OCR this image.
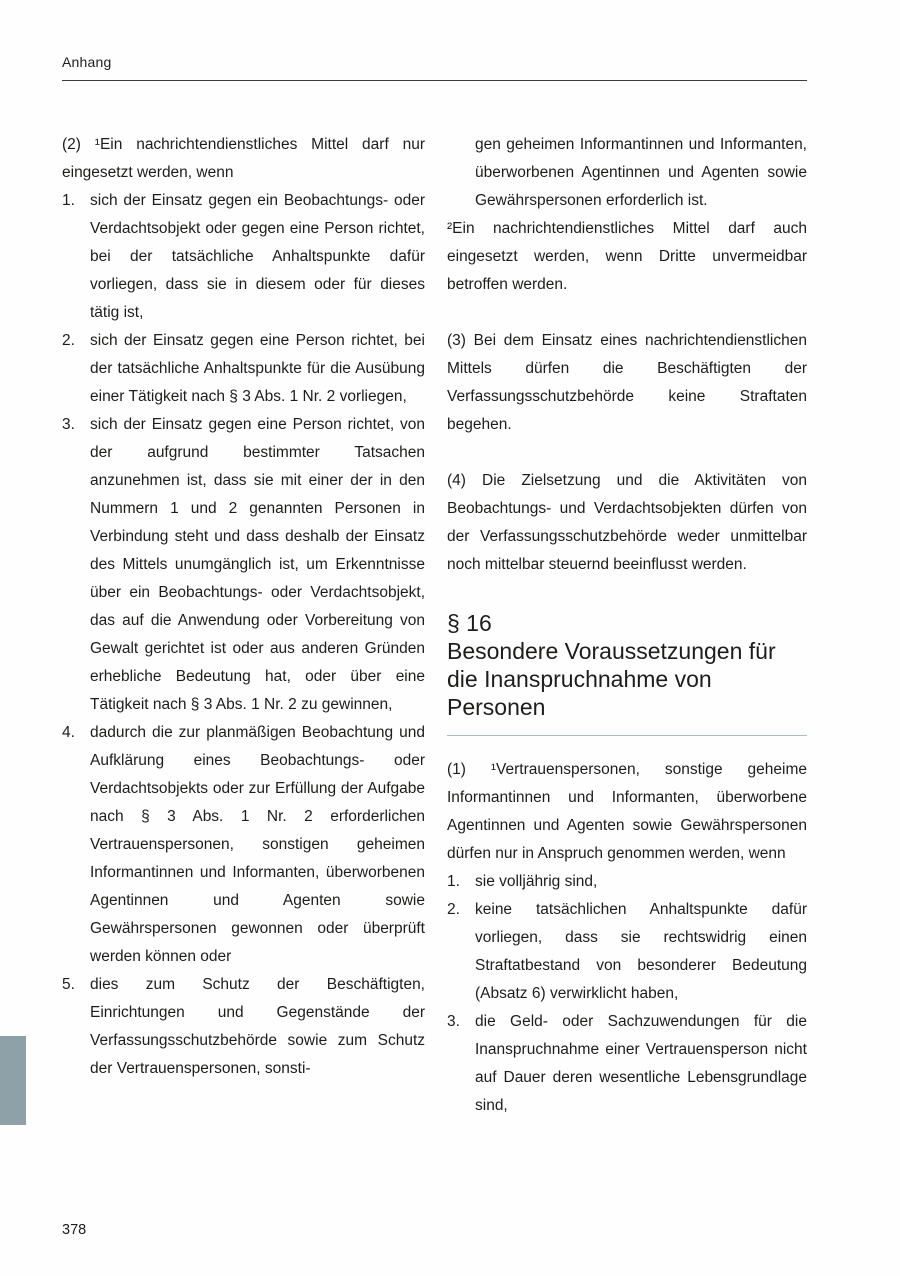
Anhang

(2) ¹Ein nachrichtendienstliches Mittel darf nur eingesetzt werden, wenn

1. sich der Einsatz gegen ein Beobachtungs- oder Verdachtsobjekt oder gegen eine Person richtet, bei der tatsächliche Anhaltspunkte dafür vorliegen, dass sie in diesem oder für dieses tätig ist,
2. sich der Einsatz gegen eine Person richtet, bei der tatsächliche Anhaltspunkte für die Ausübung einer Tätigkeit nach § 3 Abs. 1 Nr. 2 vorliegen,
3. sich der Einsatz gegen eine Person richtet, von der aufgrund bestimmter Tatsachen anzunehmen ist, dass sie mit einer der in den Nummern 1 und 2 genannten Personen in Verbindung steht und dass deshalb der Einsatz des Mittels unumgänglich ist, um Erkenntnisse über ein Beobachtungs- oder Verdachtsobjekt, das auf die Anwendung oder Vorbereitung von Gewalt gerichtet ist oder aus anderen Gründen erhebliche Bedeutung hat, oder über eine Tätigkeit nach § 3 Abs. 1 Nr. 2 zu gewinnen,
4. dadurch die zur planmäßigen Beobachtung und Aufklärung eines Beobachtungs- oder Verdachtsobjekts oder zur Erfüllung der Aufgabe nach § 3 Abs. 1 Nr. 2 erforderlichen Vertrauenspersonen, sonstigen geheimen Informantinnen und Informanten, überworbenen Agentinnen und Agenten sowie Gewährspersonen gewonnen oder überprüft werden können oder
5. dies zum Schutz der Beschäftigten, Einrichtungen und Gegenstände der Verfassungsschutzbehörde sowie zum Schutz der Vertrauenspersonen, sonsti-
gen geheimen Informantinnen und Informanten, überworbenen Agentinnen und Agenten sowie Gewährspersonen erforderlich ist.

²Ein nachrichtendienstliches Mittel darf auch eingesetzt werden, wenn Dritte unvermeidbar betroffen werden.

(3) Bei dem Einsatz eines nachrichtendienstlichen Mittels dürfen die Beschäftigten der Verfassungsschutzbehörde keine Straftaten begehen.

(4) Die Zielsetzung und die Aktivitäten von Beobachtungs- und Verdachtsobjekten dürfen von der Verfassungsschutzbehörde weder unmittelbar noch mittelbar steuernd beeinflusst werden.

§ 16
Besondere Voraussetzungen für die Inanspruchnahme von Personen

(1) ¹Vertrauenspersonen, sonstige geheime Informantinnen und Informanten, überworbene Agentinnen und Agenten sowie Gewährspersonen dürfen nur in Anspruch genommen werden, wenn

1. sie volljährig sind,
2. keine tatsächlichen Anhaltspunkte dafür vorliegen, dass sie rechtswidrig einen Straftatbestand von besonderer Bedeutung (Absatz 6) verwirklicht haben,
3. die Geld- oder Sachzuwendungen für die Inanspruchnahme einer Vertrauensperson nicht auf Dauer deren wesentliche Lebensgrundlage sind,
378
